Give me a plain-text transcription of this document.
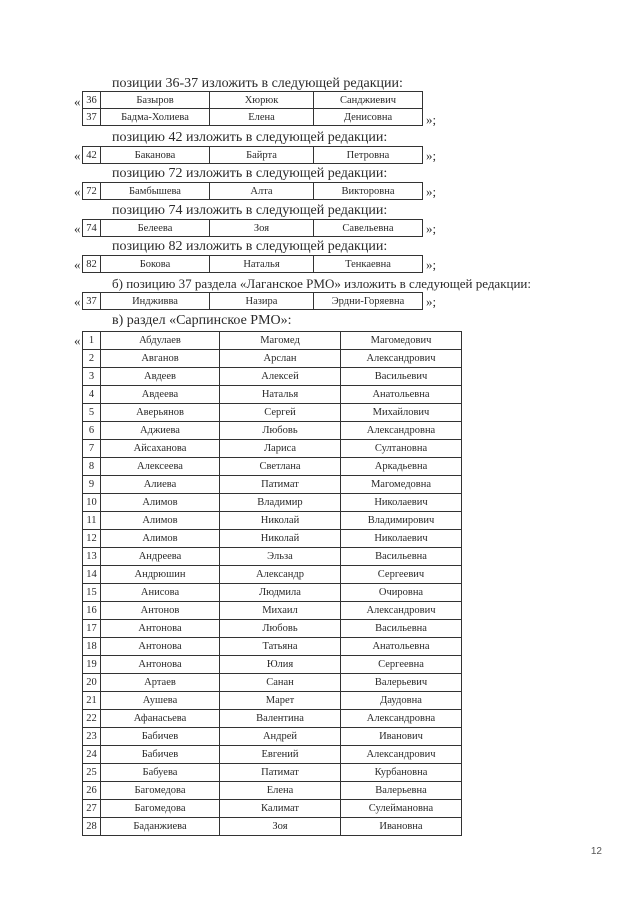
позиции 36-37 изложить в следующей редакции:
« 36	Базыров	Хюрюк	Санджиевич
37	Бадма-Холиева	Елена	Денисовна	»;
позицию 42 изложить в следующей редакции:
« 42	Баканова	Байрта	Петровна	»;
позицию 72 изложить в следующей редакции:
« 72	Бамбышева	Алта	Викторовна »;
позицию 74 изложить в следующей редакции:
« 74	Белеева	Зоя	Савельевна »;
позицию 82 изложить в следующей редакции:
« 82	Бокова	Наталья	Тенкаевна	»;
б) позицию 37 раздела «Лаганское РМО» изложить в следующей редакции:
« 37	Индживва	Назира	Эрдни-Горяевна »;
в) раздел «Сарпинское РМО»:
« 1	Абдулаев	Магомед	Магомедович
2	Авганов	Арслан	Александрович
3	Авдеев	Алексей	Васильевич
4	Авдеева	Наталья	Анатольевна
5	Аверьянов	Сергей	Михайлович
6	Аджиева	Любовь	Александровна
7	Айсаханова	Лариса	Султановна
8	Алексеева	Светлана	Аркадьевна
9	Алиева	Патимат	Магомедовна
10	Алимов	Владимир	Николаевич
11	Алимов	Николай	Владимирович
12	Алимов	Николай	Николаевич
13	Андреева	Эльза	Васильевна
14	Андрюшин	Александр	Сергеевич
15	Анисова	Людмила	Очировна
16	Антонов	Михаил	Александрович
17	Антонова	Любовь	Васильевна
18	Антонова	Татьяна	Анатольевна
19	Антонова	Юлия	Сергеевна
20	Артаев	Санан	Валерьевич
21	Аушева	Марет	Даудовна
22	Афанасьева	Валентина	Александровна
23	Бабичев	Андрей	Иванович
24	Бабичев	Евгений	Александрович
25	Бабуева	Патимат	Курбановна
26	Багомедова	Елена	Валерьевна
27	Багомедова	Калимат	Сулеймановна
28	Баданжиева	Зоя	Ивановна
12
